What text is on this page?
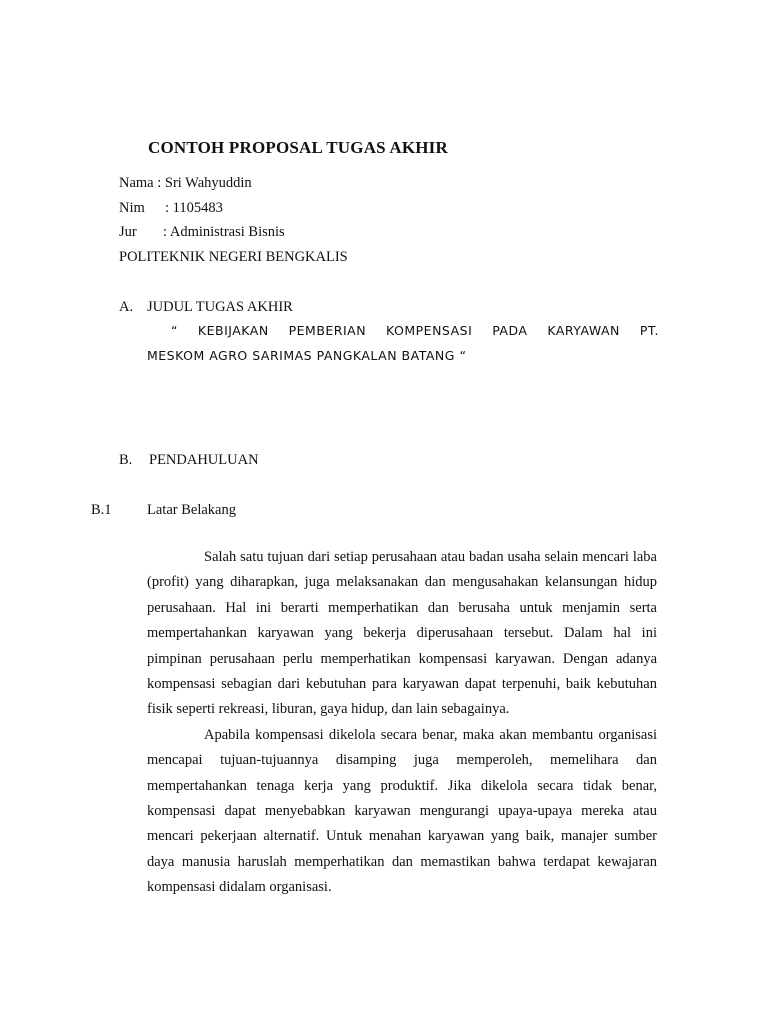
CONTOH PROPOSAL TUGAS AKHIR
Nama : Sri Wahyuddin
Nim : 1105483
Jur : Administrasi Bisnis
POLITEKNIK NEGERI BENGKALIS
A. JUDUL TUGAS AKHIR
“ KEBIJAKAN PEMBERIAN KOMPENSASI PADA KARYAWAN PT.
MESKOM AGRO SARIMAS PANGKALAN BATANG “
B. PENDAHULUAN
B.1 Latar Belakang

Salah satu tujuan dari setiap perusahaan atau badan usaha selain mencari laba (profit) yang diharapkan, juga melaksanakan dan mengusahakan kelansungan hidup perusahaan. Hal ini berarti memperhatikan dan berusaha untuk menjamin serta mempertahankan karyawan yang bekerja diperusahaan tersebut. Dalam hal ini pimpinan perusahaan perlu memperhatikan kompensasi karyawan. Dengan adanya kompensasi sebagian dari kebutuhan para karyawan dapat terpenuhi, baik kebutuhan fisik seperti rekreasi, liburan, gaya hidup, dan lain sebagainya.

Apabila kompensasi dikelola secara benar, maka akan membantu organisasi mencapai tujuan-tujuannya disamping juga memperoleh, memelihara dan mempertahankan tenaga kerja yang produktif. Jika dikelola secara tidak benar, kompensasi dapat menyebabkan karyawan mengurangi upaya-upaya mereka atau mencari pekerjaan alternatif. Untuk menahan karyawan yang baik, manajer sumber daya manusia haruslah memperhatikan dan memastikan bahwa terdapat kewajaran kompensasi didalam organisasi.
